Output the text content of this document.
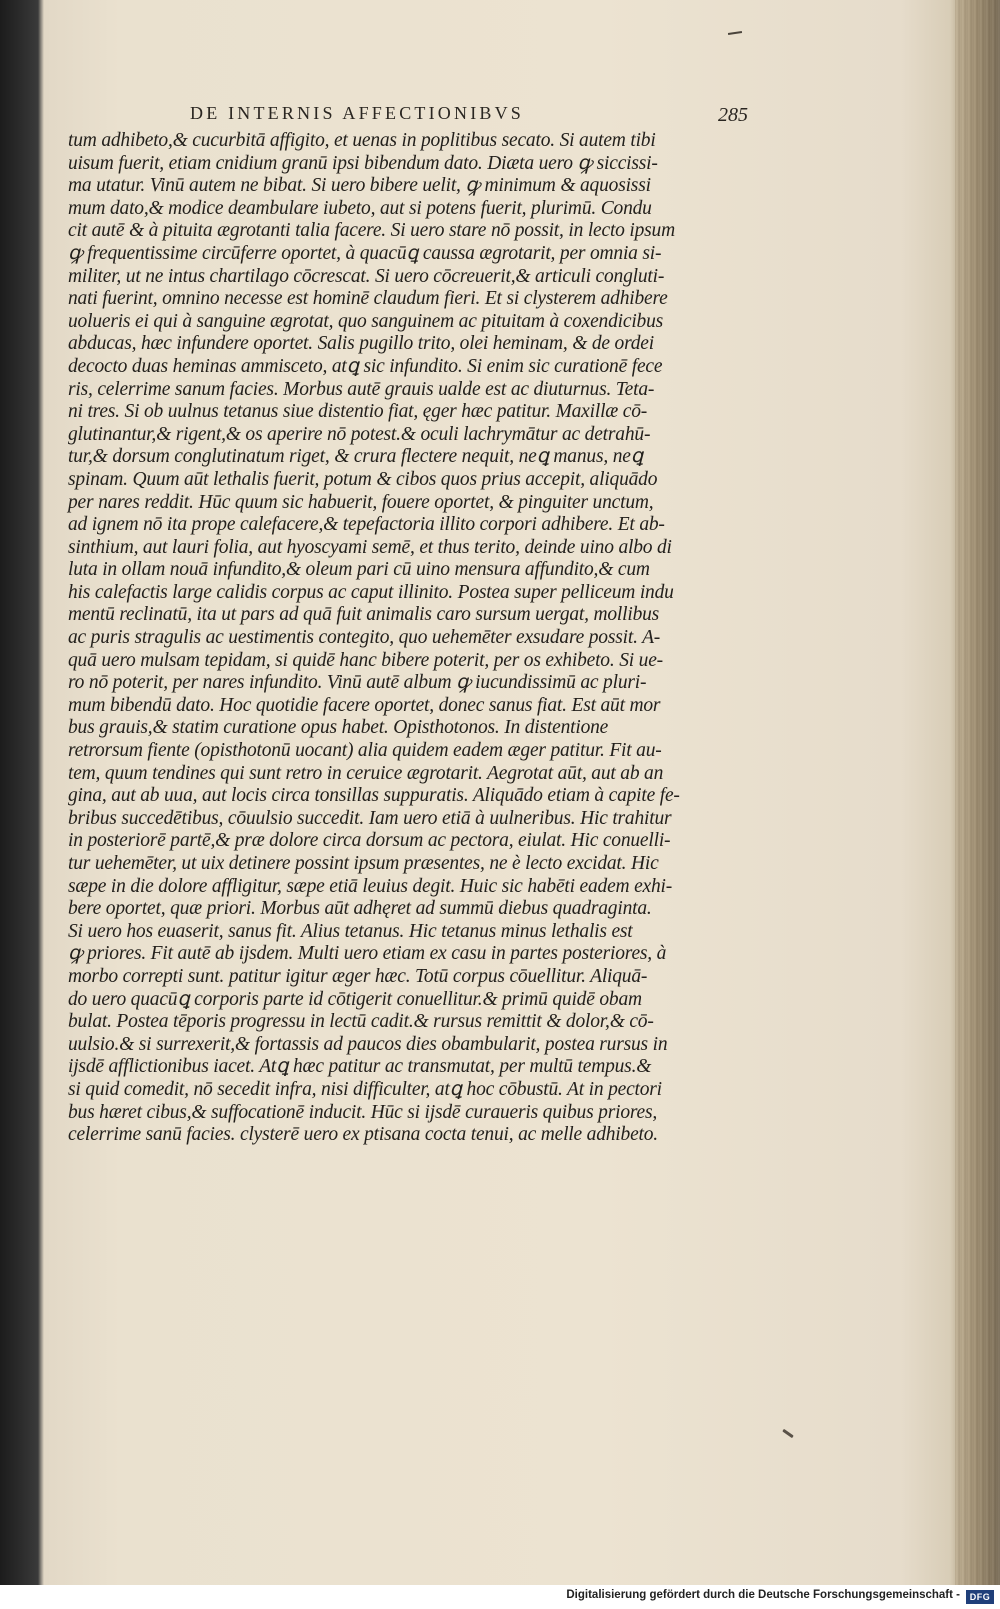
DE INTERNIS AFFECTIONIBVS	285
tum adhibeto,& cucurbitā affigito, et uenas in poplitibus secato. Si autem tibi
uisum fuerit, etiam cnidium granū ipsi bibendum dato. Diæta uero ꝙ siccissi-
ma utatur. Vinū autem ne bibat. Si uero bibere uelit, ꝙ minimum & aquosissi
mum dato,& modice deambulare iubeto, aut si potens fuerit, plurimū. Condu
cit autē & à pituita ægrotanti talia facere. Si uero stare nō possit, in lecto ipsum
ꝙ frequentissime circūferre oportet, à quacūꝗ caussa ægrotarit, per omnia si-
militer, ut ne intus chartilago cōcrescat. Si uero cōcreuerit,& articuli congluti-
nati fuerint, omnino necesse est hominē claudum fieri. Et si clysterem adhibere
uolueris ei qui à sanguine ægrotat, quo sanguinem ac pituitam à coxendicibus
abducas, hæc infundere oportet. Salis pugillo trito, olei heminam, & de ordei
decocto duas heminas ammisceto, atꝗ sic infundito. Si enim sic curationē fece
ris, celerrime sanum facies. Morbus autē grauis ualde est ac diuturnus. Teta-
ni tres. Si ob uulnus tetanus siue distentio fiat, ęger hæc patitur. Maxillæ cō-
glutinantur,& rigent,& os aperire nō potest.& oculi lachrymātur ac detrahū-
tur,& dorsum conglutinatum riget, & crura flectere nequit, neꝗ manus, neꝗ
spinam. Quum aūt lethalis fuerit, potum & cibos quos prius accepit, aliquādo
per nares reddit. Hūc quum sic habuerit, fouere oportet, & pinguiter unctum,
ad ignem nō ita prope calefacere,& tepefactoria illito corpori adhibere. Et ab-
sinthium, aut lauri folia, aut hyoscyami semē, et thus terito, deinde uino albo di
luta in ollam nouā infundito,& oleum pari cū uino mensura affundito,& cum
his calefactis large calidis corpus ac caput illinito. Postea super pelliceum indu
mentū reclinatū, ita ut pars ad quā fuit animalis caro sursum uergat, mollibus
ac puris stragulis ac uestimentis contegito, quo uehemēter exsudare possit. A-
quā uero mulsam tepidam, si quidē hanc bibere poterit, per os exhibeto. Si ue-
ro nō poterit, per nares infundito. Vinū autē album ꝙ iucundissimū ac pluri-
mum bibendū dato. Hoc quotidie facere oportet, donec sanus fiat. Est aūt mor
bus grauis,& statim curatione opus habet. Opisthotonos. In distentione
retrorsum fiente (opisthotonū uocant) alia quidem eadem æger patitur. Fit au-
tem, quum tendines qui sunt retro in ceruice ægrotarit. Aegrotat aūt, aut ab an
gina, aut ab uua, aut locis circa tonsillas suppuratis. Aliquādo etiam à capite fe-
bribus succedētibus, cōuulsio succedit. Iam uero etiā à uulneribus. Hic trahitur
in posteriorē partē,& præ dolore circa dorsum ac pectora, eiulat. Hic conuelli-
tur uehemēter, ut uix detinere possint ipsum præsentes, ne è lecto excidat. Hic
sæpe in die dolore affligitur, sæpe etiā leuius degit. Huic sic habēti eadem exhi-
bere oportet, quæ priori. Morbus aūt adhęret ad summū diebus quadraginta.
Si uero hos euaserit, sanus fit. Alius tetanus. Hic tetanus minus lethalis est
ꝙ priores. Fit autē ab ijsdem. Multi uero etiam ex casu in partes posteriores, à
morbo correpti sunt. patitur igitur æger hæc. Totū corpus cōuellitur. Aliquā-
do uero quacūꝗ corporis parte id cōtigerit conuellitur.& primū quidē obam
bulat. Postea tēporis progressu in lectū cadit.& rursus remittit & dolor,& cō-
uulsio.& si surrexerit,& fortassis ad paucos dies obambularit, postea rursus in
ijsdē afflictionibus iacet. Atꝗ hæc patitur ac transmutat, per multū tempus.&
si quid comedit, nō secedit infra, nisi difficulter, atꝗ hoc cōbustū. At in pectori
bus hæret cibus,& suffocationē inducit. Hūc si ijsdē curaueris quibus priores,
celerrime sanū facies. clysterē uero ex ptisana cocta tenui, ac melle adhibeto.
Digitalisierung gefördert durch die Deutsche Forschungsgemeinschaft -	DFG
